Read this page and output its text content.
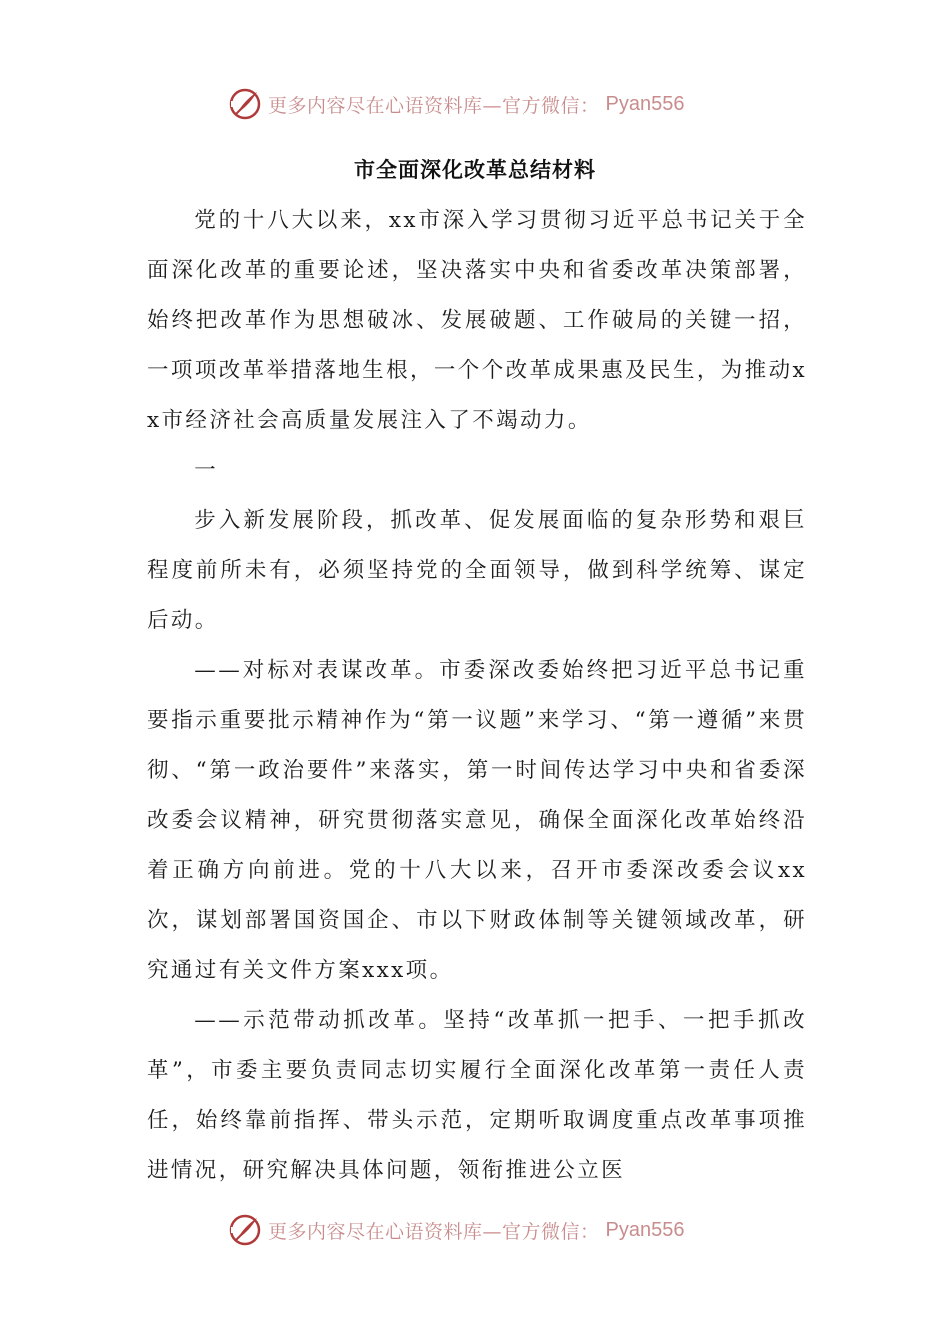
更多内容尽在心语资料库—官方微信： Pyan556
市全面深化改革总结材料

党的十八大以来，xx市深入学习贯彻习近平总书记关于全面深化改革的重要论述，坚决落实中央和省委改革决策部署，始终把改革作为思想破冰、发展破题、工作破局的关键一招，一项项改革举措落地生根，一个个改革成果惠及民生，为推动xx市经济社会高质量发展注入了不竭动力。

一

步入新发展阶段，抓改革、促发展面临的复杂形势和艰巨程度前所未有，必须坚持党的全面领导，做到科学统筹、谋定后动。

——对标对表谋改革。市委深改委始终把习近平总书记重要指示重要批示精神作为“第一议题”来学习、“第一遵循”来贯彻、“第一政治要件”来落实，第一时间传达学习中央和省委深改委会议精神，研究贯彻落实意见，确保全面深化改革始终沿着正确方向前进。党的十八大以来，召开市委深改委会议xx次，谋划部署国资国企、市以下财政体制等关键领域改革，研究通过有关文件方案xxx项。

——示范带动抓改革。坚持“改革抓一把手、一把手抓改革”，市委主要负责同志切实履行全面深化改革第一责任人责任，始终靠前指挥、带头示范，定期听取调度重点改革事项推进情况，研究解决具体问题，领衔推进公立医

更多内容尽在心语资料库—官方微信： Pyan556
